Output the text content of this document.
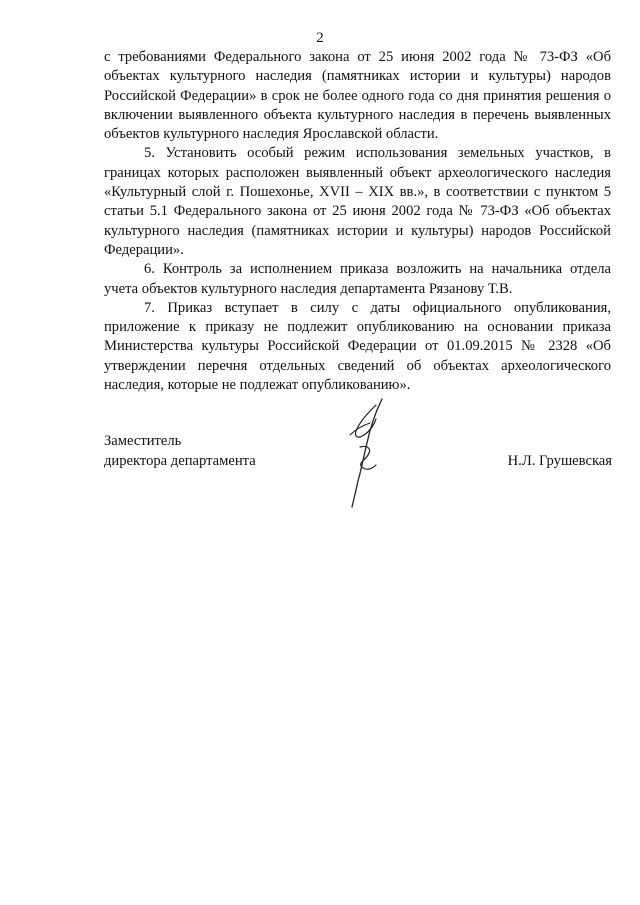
2

с требованиями Федерального закона от 25 июня 2002 года № 73-ФЗ «Об объектах культурного наследия (памятниках истории и культуры) народов Российской Федерации» в срок не более одного года со дня принятия решения о включении выявленного объекта культурного наследия в перечень выявленных объектов культурного наследия Ярославской области.

5. Установить особый режим использования земельных участков, в границах которых расположен выявленный объект археологического наследия «Культурный слой г. Пошехонье, XVII – XIX вв.», в соответствии с пунктом 5 статьи 5.1 Федерального закона от 25 июня 2002 года № 73-ФЗ «Об объектах культурного наследия (памятниках истории и культуры) народов Российской Федерации».

6. Контроль за исполнением приказа возложить на начальника отдела учета объектов культурного наследия департамента Рязанову Т.В.

7. Приказ вступает в силу с даты официального опубликования, приложение к приказу не подлежит опубликованию на основании приказа Министерства культуры Российской Федерации от 01.09.2015 № 2328 «Об утверждении перечня отдельных сведений об объектах археологического наследия, которые не подлежат опубликованию».

Заместитель
директора департамента	Н.Л. Грушевская
